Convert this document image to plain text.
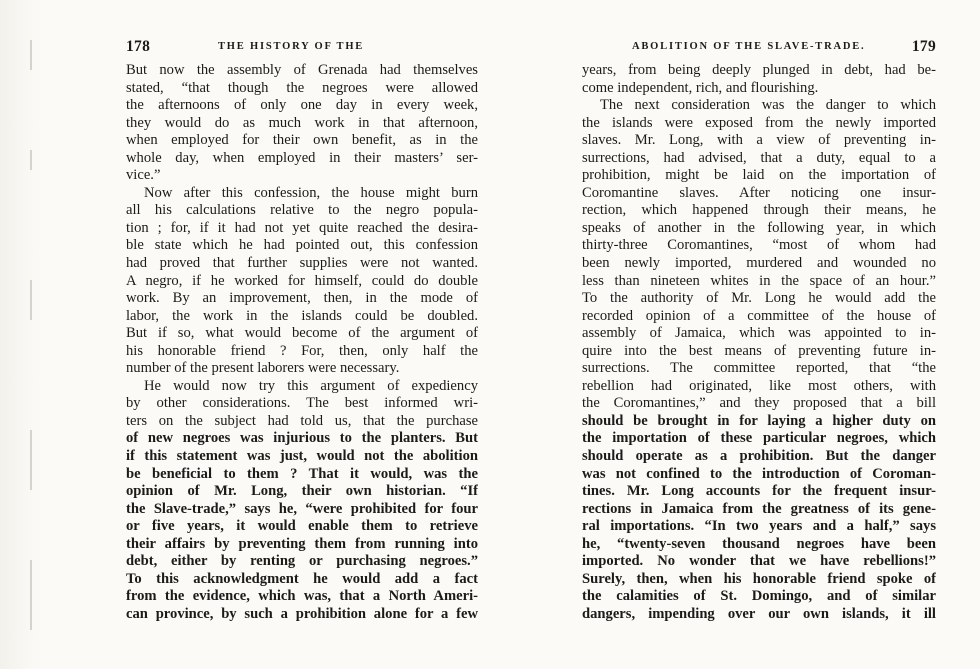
178	THE HISTORY OF THE
But now the assembly of Grenada had themselves
stated, “that though the negroes were allowed
the afternoons of only one day in every week,
they would do as much work in that afternoon,
when employed for their own benefit, as in the
whole day, when employed in their masters’ ser-
vice.”
Now after this confession, the house might burn
all his calculations relative to the negro popula-
tion ; for, if it had not yet quite reached the desira-
ble state which he had pointed out, this confession
had proved that further supplies were not wanted.
A negro, if he worked for himself, could do double
work. By an improvement, then, in the mode of
labor, the work in the islands could be doubled.
But if so, what would become of the argument of
his honorable friend ? For, then, only half the
number of the present laborers were necessary.
He would now try this argument of expediency
by other considerations. The best informed wri-
ters on the subject had told us, that the purchase
of new negroes was injurious to the planters. But
if this statement was just, would not the abolition
be beneficial to them ? That it would, was the
opinion of Mr. Long, their own historian. “If
the Slave-trade,” says he, “were prohibited for four
or five years, it would enable them to retrieve
their affairs by preventing them from running into
debt, either by renting or purchasing negroes.”
To this acknowledgment he would add a fact
from the evidence, which was, that a North Ameri-
can province, by such a prohibition alone for a few
ABOLITION OF THE SLAVE-TRADE.	179
years, from being deeply plunged in debt, had be-
come independent, rich, and flourishing.
The next consideration was the danger to which
the islands were exposed from the newly imported
slaves. Mr. Long, with a view of preventing in-
surrections, had advised, that a duty, equal to a
prohibition, might be laid on the importation of
Coromantine slaves. After noticing one insur-
rection, which happened through their means, he
speaks of another in the following year, in which
thirty-three Coromantines, “most of whom had
been newly imported, murdered and wounded no
less than nineteen whites in the space of an hour.”
To the authority of Mr. Long he would add the
recorded opinion of a committee of the house of
assembly of Jamaica, which was appointed to in-
quire into the best means of preventing future in-
surrections. The committee reported, that “the
rebellion had originated, like most others, with
the Coromantines,” and they proposed that a bill
should be brought in for laying a higher duty on
the importation of these particular negroes, which
should operate as a prohibition. But the danger
was not confined to the introduction of Coroman-
tines. Mr. Long accounts for the frequent insur-
rections in Jamaica from the greatness of its gene-
ral importations. “In two years and a half,” says
he, “twenty-seven thousand negroes have been
imported. No wonder that we have rebellions!”
Surely, then, when his honorable friend spoke of
the calamities of St. Domingo, and of similar
dangers, impending over our own islands, it ill
